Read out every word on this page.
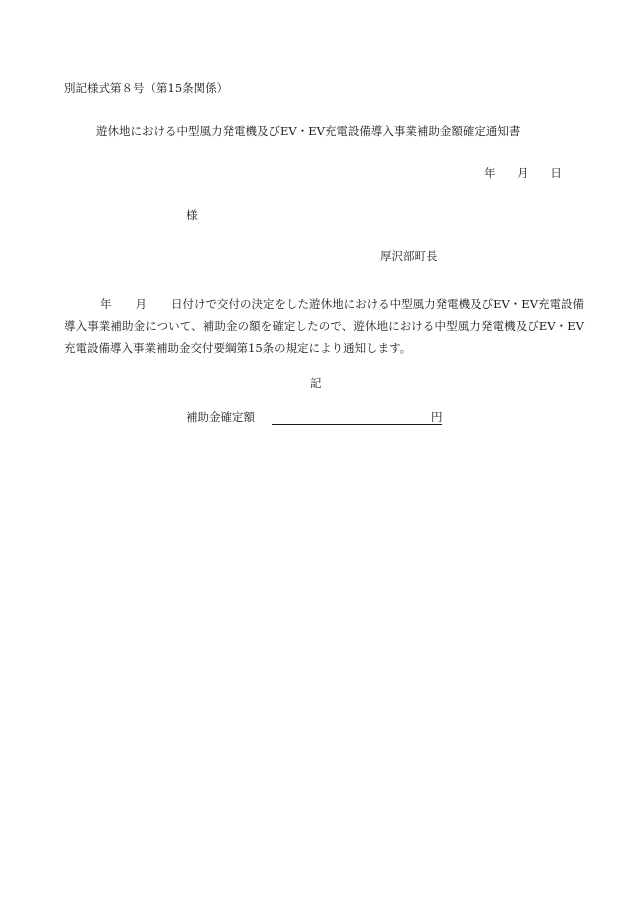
別記様式第８号（第15条関係）
遊休地における中型風力発電機及びEV・EV充電設備導入事業補助金額確定通知書
年 月 日
様
厚沢部町長
年 月 日付けで交付の決定をした遊休地における中型風力発電機及びEV・EV充電設備導入事業補助金について、補助金の額を確定したので、遊休地における中型風力発電機及びEV・EV充電設備導入事業補助金交付要綱第15条の規定により通知します。
記
補助金確定額	円
